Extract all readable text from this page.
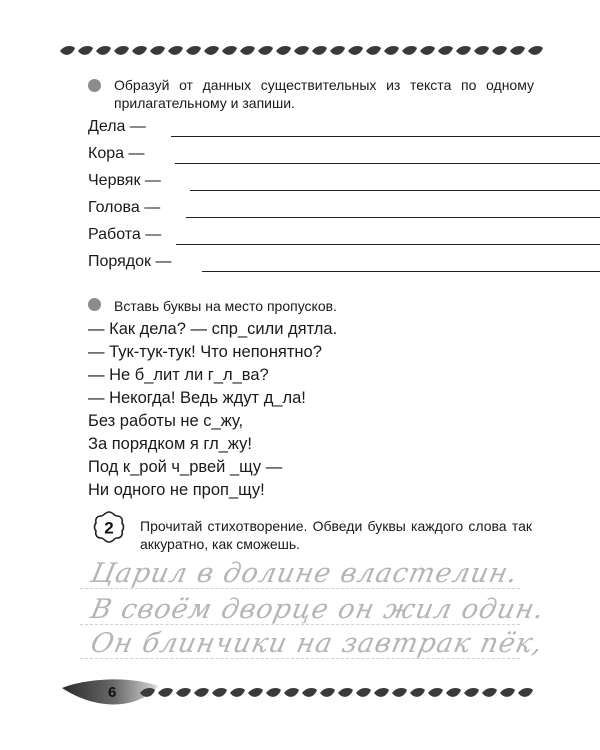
Образуй от данных существительных из текста по одному прилагательному и запиши.
Дела —
Кора —
Червяк —
Голова —
Работа —
Порядок —
Вставь буквы на место пропусков.
— Как дела? — спр_сили дятла.
— Тук-тук-тук! Что непонятно?
— Не б_лит ли г_л_ва?
— Некогда! Ведь ждут д_ла!
Без работы не с_жу,
За порядком я гл_жу!
Под к_рой ч_рвей _щу —
Ни одного не проп_щу!
2 Прочитай стихотворение. Обведи буквы каждого слова так аккуратно, как сможешь.
Царил в долине властелин.
В своём дворце он жил один.
Он блинчики на завтрак пёк,
6
